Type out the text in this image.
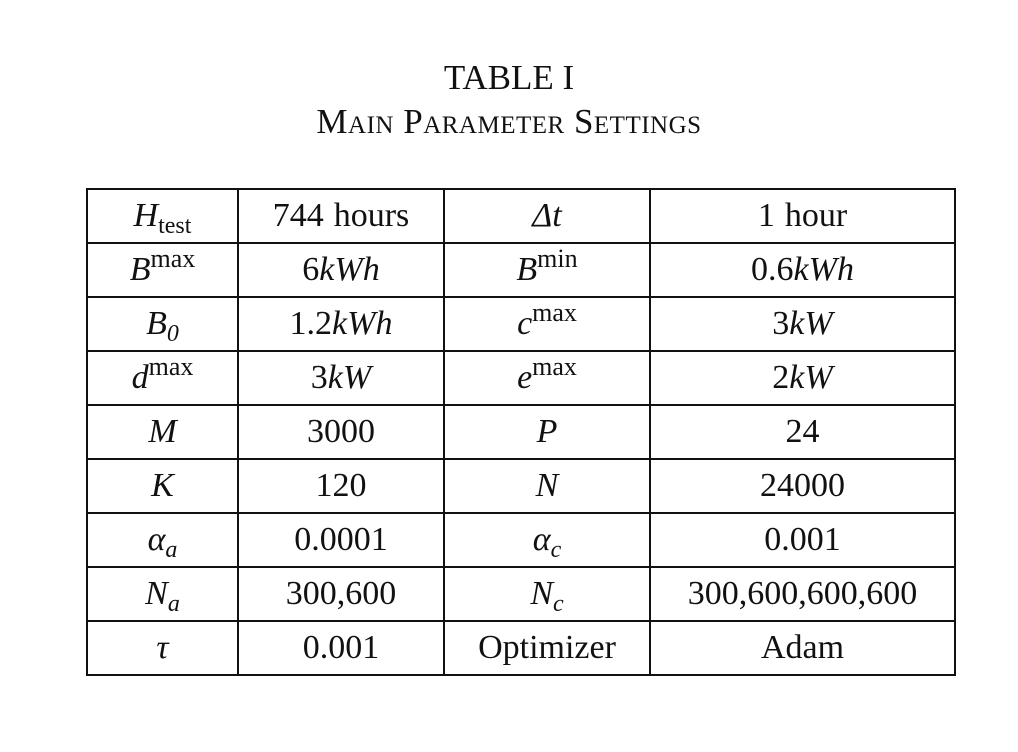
TABLE I
Main Parameter Settings
$H_{test}$	744 hours	Δt	1 hour
$B^{max}$	6kWh	$B^{min}$	0.6kWh
$B_0$	1.2kWh	$c^{max}$	3kW
$d^{max}$	3kW	$e^{max}$	2kW
M	3000	P	24
K	120	N	24000
$\alpha_a$	0.0001	$\alpha_c$	0.001
$N_a$	300,600	$N_c$	300,600,600,600
τ	0.001	Optimizer	Adam
